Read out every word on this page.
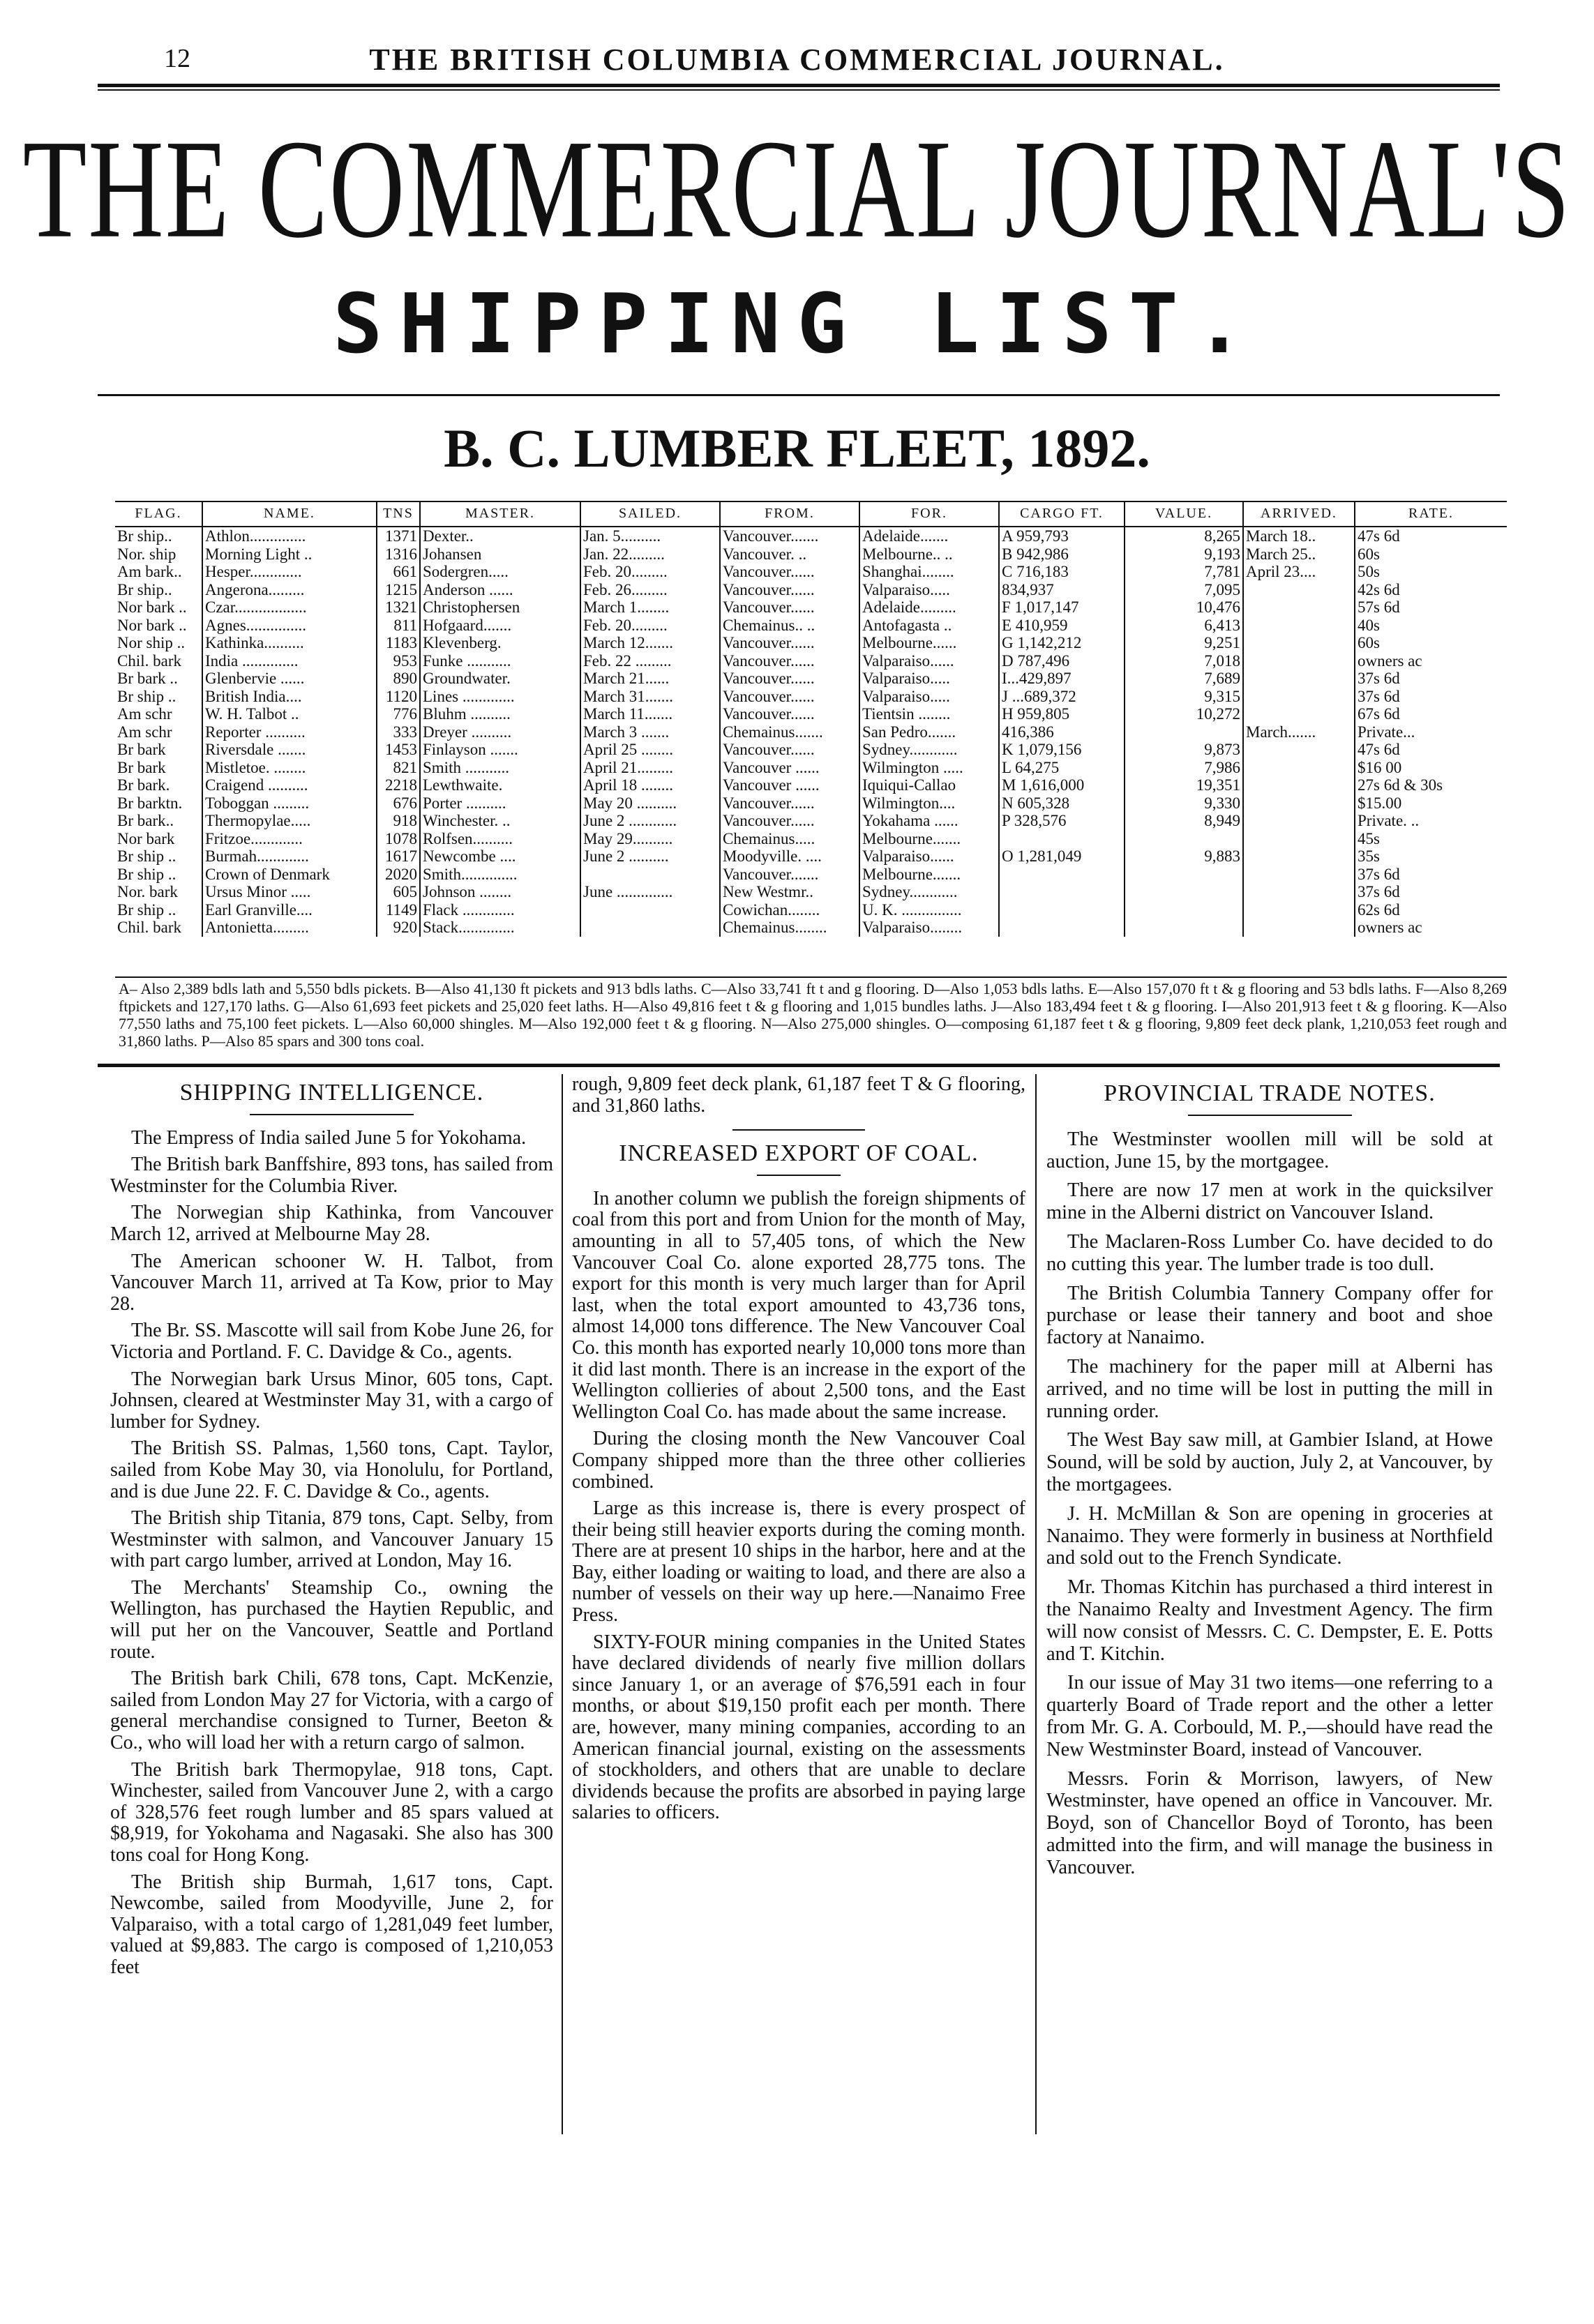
12	THE BRITISH COLUMBIA COMMERCIAL JOURNAL.
THE COMMERCIAL JOURNAL'S
SHIPPING LIST.
B. C. LUMBER FLEET, 1892.
FLAG.	NAME.	TNS	MASTER.	SAILED.	FROM.	FOR.	CARGO FT.	VALUE.	ARRIVED.	RATE.
Br ship..	Athlon..............	1371	Dexter..	Jan. 5..........	Vancouver.......	Adelaide.......	A 959,793	8,265	March 18..	47s 6d
Nor. ship	Morning Light ..	1316	Johansen	Jan. 22.........	Vancouver. ..	Melbourne.. ..	B 942,986	9,193	March 25..	60s
Am bark..	Hesper.............	661	Sodergren.....	Feb. 20.........	Vancouver......	Shanghai........	C 716,183	7,781	April 23....	50s
Br ship..	Angerona.........	1215	Anderson ......	Feb. 26.........	Vancouver......	Valparaiso.....	834,937	7,095		42s 6d
Nor bark ..	Czar..................	1321	Christophersen	March 1........	Vancouver......	Adelaide.........	F 1,017,147	10,476		57s 6d
Nor bark ..	Agnes...............	811	Hofgaard.......	Feb. 20.........	Chemainus.. ..	Antofagasta ..	E 410,959	6,413		40s
Nor ship ..	Kathinka..........	1183	Klevenberg.	March 12.......	Vancouver......	Melbourne......	G 1,142,212	9,251		60s
Chil. bark	India ..............	953	Funke ...........	Feb. 22 .........	Vancouver......	Valparaiso......	D 787,496	7,018		owners ac
Br bark ..	Glenbervie ......	890	Groundwater.	March 21......	Vancouver......	Valparaiso.....	I...429,897	7,689		37s 6d
Br ship ..	British India....	1120	Lines .............	March 31.......	Vancouver......	Valparaiso.....	J ...689,372	9,315		37s 6d
Am schr	W. H. Talbot ..	776	Bluhm ..........	March 11.......	Vancouver......	Tientsin ........	H 959,805	10,272		67s 6d
Am schr	Reporter ..........	333	Dreyer ..........	March 3 .......	Chemainus.......	San Pedro.......	416,386		March.......	Private...
Br bark	Riversdale .......	1453	Finlayson .......	April 25 ........	Vancouver......	Sydney............	K 1,079,156	9,873		47s 6d
Br bark	Mistletoe. ........	821	Smith ...........	April 21.........	Vancouver ......	Wilmington .....	L 64,275	7,986		$16 00
Br bark.	Craigend ..........	2218	Lewthwaite.	April 18 ........	Vancouver ......	Iquiqui-Callao	M 1,616,000	19,351		27s 6d & 30s
Br barktn.	Toboggan .........	676	Porter ..........	May 20 ..........	Vancouver......	Wilmington....	N 605,328	9,330		$15.00
Br bark..	Thermopylae.....	918	Winchester. ..	June 2 ............	Vancouver......	Yokahama ......	P 328,576	8,949		Private. ..
Nor bark	Fritzoe.............	1078	Rolfsen..........	May 29..........	Chemainus.....	Melbourne.......				45s
Br ship ..	Burmah.............	1617	Newcombe ....	June 2 ..........	Moodyville. ....	Valparaiso......	O 1,281,049	9,883		35s
Br ship ..	Crown of Denmark	2020	Smith..............		Vancouver.......	Melbourne.......				37s 6d
Nor. bark	Ursus Minor .....	605	Johnson ........	June ..............	New Westmr..	Sydney............				37s 6d
Br ship ..	Earl Granville....	1149	Flack .............		Cowichan........	U. K. ...............				62s 6d
Chil. bark	Antonietta.........	920	Stack..............		Chemainus........	Valparaiso........				owners ac
A– Also 2,389 bdls lath and 5,550 bdls pickets. B—Also 41,130 ft pickets and 913 bdls laths. C—Also 33,741 ft t and g flooring. D—Also 1,053 bdls laths. E—Also 157,070 ft t & g flooring and 53 bdls laths. F—Also 8,269 ftpickets and 127,170 laths. G—Also 61,693 feet pickets and 25,020 feet laths. H—Also 49,816 feet t & g flooring and 1,015 bundles laths. J—Also 183,494 feet t & g flooring. I—Also 201,913 feet t & g flooring. K—Also 77,550 laths and 75,100 feet pickets. L—Also 60,000 shingles. M—Also 192,000 feet t & g flooring. N—Also 275,000 shingles. O—composing 61,187 feet t & g flooring, 9,809 feet deck plank, 1,210,053 feet rough and 31,860 laths. P—Also 85 spars and 300 tons coal.
SHIPPING INTELLIGENCE.

The Empress of India sailed June 5 for Yokohama.

The British bark Banffshire, 893 tons, has sailed from Westminster for the Columbia River.

The Norwegian ship Kathinka, from Vancouver March 12, arrived at Melbourne May 28.

The American schooner W. H. Talbot, from Vancouver March 11, arrived at Ta Kow, prior to May 28.

The Br. SS. Mascotte will sail from Kobe June 26, for Victoria and Portland. F. C. Davidge & Co., agents.

The Norwegian bark Ursus Minor, 605 tons, Capt. Johnsen, cleared at Westminster May 31, with a cargo of lumber for Sydney.

The British SS. Palmas, 1,560 tons, Capt. Taylor, sailed from Kobe May 30, via Honolulu, for Portland, and is due June 22. F. C. Davidge & Co., agents.

The British ship Titania, 879 tons, Capt. Selby, from Westminster with salmon, and Vancouver January 15 with part cargo lumber, arrived at London, May 16.

The Merchants' Steamship Co., owning the Wellington, has purchased the Haytien Republic, and will put her on the Vancouver, Seattle and Portland route.

The British bark Chili, 678 tons, Capt. McKenzie, sailed from London May 27 for Victoria, with a cargo of general merchandise consigned to Turner, Beeton & Co., who will load her with a return cargo of salmon.

The British bark Thermopylae, 918 tons, Capt. Winchester, sailed from Vancouver June 2, with a cargo of 328,576 feet rough lumber and 85 spars valued at $8,919, for Yokohama and Nagasaki. She also has 300 tons coal for Hong Kong.

The British ship Burmah, 1,617 tons, Capt. Newcombe, sailed from Moodyville, June 2, for Valparaiso, with a total cargo of 1,281,049 feet lumber, valued at $9,883. The cargo is composed of 1,210,053 feet

rough, 9,809 feet deck plank, 61,187 feet T & G flooring, and 31,860 laths.

INCREASED EXPORT OF COAL.

In another column we publish the foreign shipments of coal from this port and from Union for the month of May, amounting in all to 57,405 tons, of which the New Vancouver Coal Co. alone exported 28,775 tons. The export for this month is very much larger than for April last, when the total export amounted to 43,736 tons, almost 14,000 tons difference. The New Vancouver Coal Co. this month has exported nearly 10,000 tons more than it did last month. There is an increase in the export of the Wellington collieries of about 2,500 tons, and the East Wellington Coal Co. has made about the same increase.

During the closing month the New Vancouver Coal Company shipped more than the three other collieries combined.

Large as this increase is, there is every prospect of their being still heavier exports during the coming month. There are at present 10 ships in the harbor, here and at the Bay, either loading or waiting to load, and there are also a number of vessels on their way up here.—Nanaimo Free Press.

SIXTY-FOUR mining companies in the United States have declared dividends of nearly five million dollars since January 1, or an average of $76,591 each in four months, or about $19,150 profit each per month. There are, however, many mining companies, according to an American financial journal, existing on the assessments of stockholders, and others that are unable to declare dividends because the profits are absorbed in paying large salaries to officers.

PROVINCIAL TRADE NOTES.

The Westminster woollen mill will be sold at auction, June 15, by the mortgagee.

There are now 17 men at work in the quicksilver mine in the Alberni district on Vancouver Island.

The Maclaren-Ross Lumber Co. have decided to do no cutting this year. The lumber trade is too dull.

The British Columbia Tannery Company offer for purchase or lease their tannery and boot and shoe factory at Nanaimo.

The machinery for the paper mill at Alberni has arrived, and no time will be lost in putting the mill in running order.

The West Bay saw mill, at Gambier Island, at Howe Sound, will be sold by auction, July 2, at Vancouver, by the mortgagees.

J. H. McMillan & Son are opening in groceries at Nanaimo. They were formerly in business at Northfield and sold out to the French Syndicate.

Mr. Thomas Kitchin has purchased a third interest in the Nanaimo Realty and Investment Agency. The firm will now consist of Messrs. C. C. Dempster, E. E. Potts and T. Kitchin.

In our issue of May 31 two items—one referring to a quarterly Board of Trade report and the other a letter from Mr. G. A. Corbould, M. P.,—should have read the New Westminster Board, instead of Vancouver.

Messrs. Forin & Morrison, lawyers, of New Westminster, have opened an office in Vancouver. Mr. Boyd, son of Chancellor Boyd of Toronto, has been admitted into the firm, and will manage the business in Vancouver.
